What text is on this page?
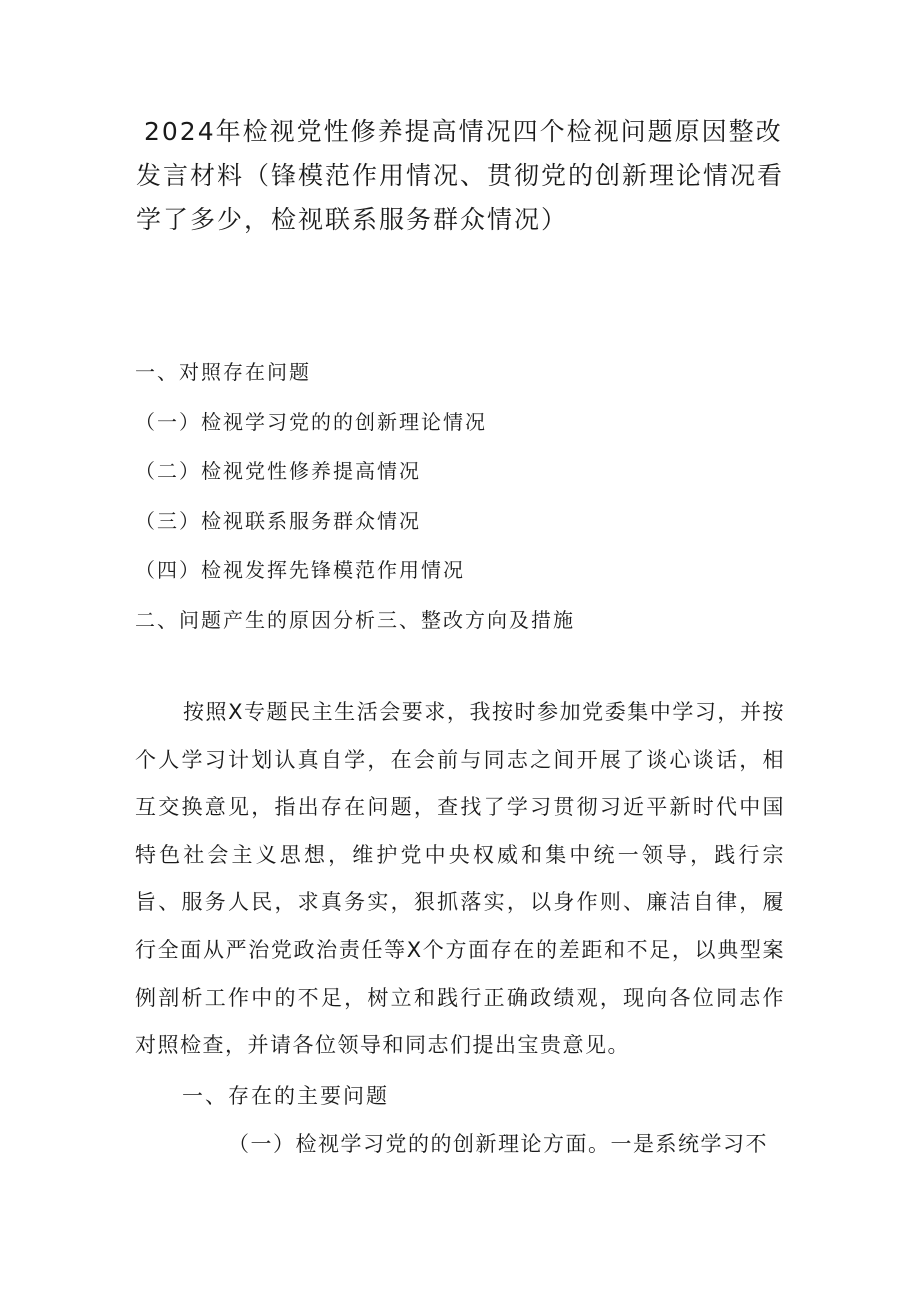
2024年检视党性修养提高情况四个检视问题原因整改发言材料（锋模范作用情况、贯彻党的创新理论情况看学了多少，检视联系服务群众情况）
一、对照存在问题
（一）检视学习党的的创新理论情况
（二）检视党性修养提高情况
（三）检视联系服务群众情况
（四）检视发挥先锋模范作用情况
二、问题产生的原因分析三、整改方向及措施

按照X专题民主生活会要求，我按时参加党委集中学习，并按个人学习计划认真自学，在会前与同志之间开展了谈心谈话，相互交换意见，指出存在问题，查找了学习贯彻习近平新时代中国特色社会主义思想，维护党中央权威和集中统一领导，践行宗旨、服务人民，求真务实，狠抓落实，以身作则、廉洁自律，履行全面从严治党政治责任等X个方面存在的差距和不足，以典型案例剖析工作中的不足，树立和践行正确政绩观，现向各位同志作对照检查，并请各位领导和同志们提出宝贵意见。

一、存在的主要问题

（一）检视学习党的的创新理论方面。一是系统学习不
